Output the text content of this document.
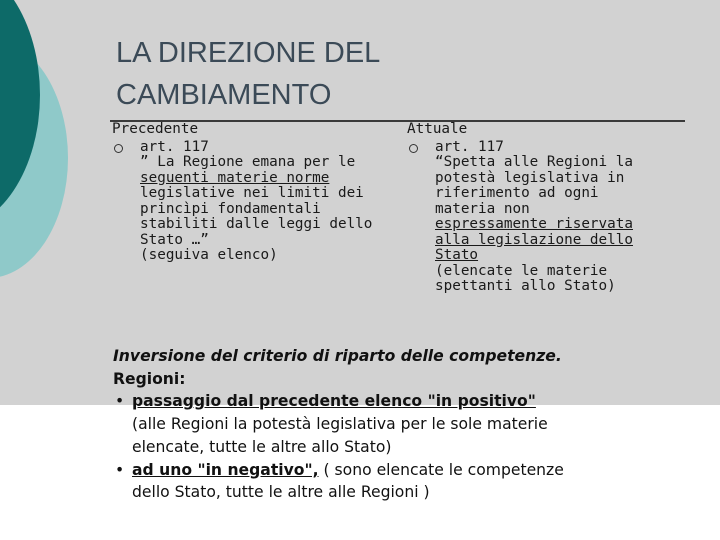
LA DIREZIONE DEL
CAMBIAMENTO
Precedente
art. 117
” La Regione emana per le
seguenti materie norme
legislative nei limiti dei
princìpi fondamentali
stabiliti dalle leggi dello
Stato …”
(seguiva elenco)
Attuale
art. 117
“Spetta alle Regioni la
potestà legislativa in
riferimento ad ogni
materia non
espressamente riservata
alla legislazione dello
Stato
(elencate le materie
spettanti allo Stato)
Inversione del criterio di riparto delle competenze.
Regioni:
• passaggio dal precedente elenco "in positivo"
(alle Regioni la potestà legislativa per le sole materie
elencate, tutte le altre allo Stato)
• ad uno "in negativo", ( sono elencate le competenze
dello Stato, tutte le altre alle Regioni )
